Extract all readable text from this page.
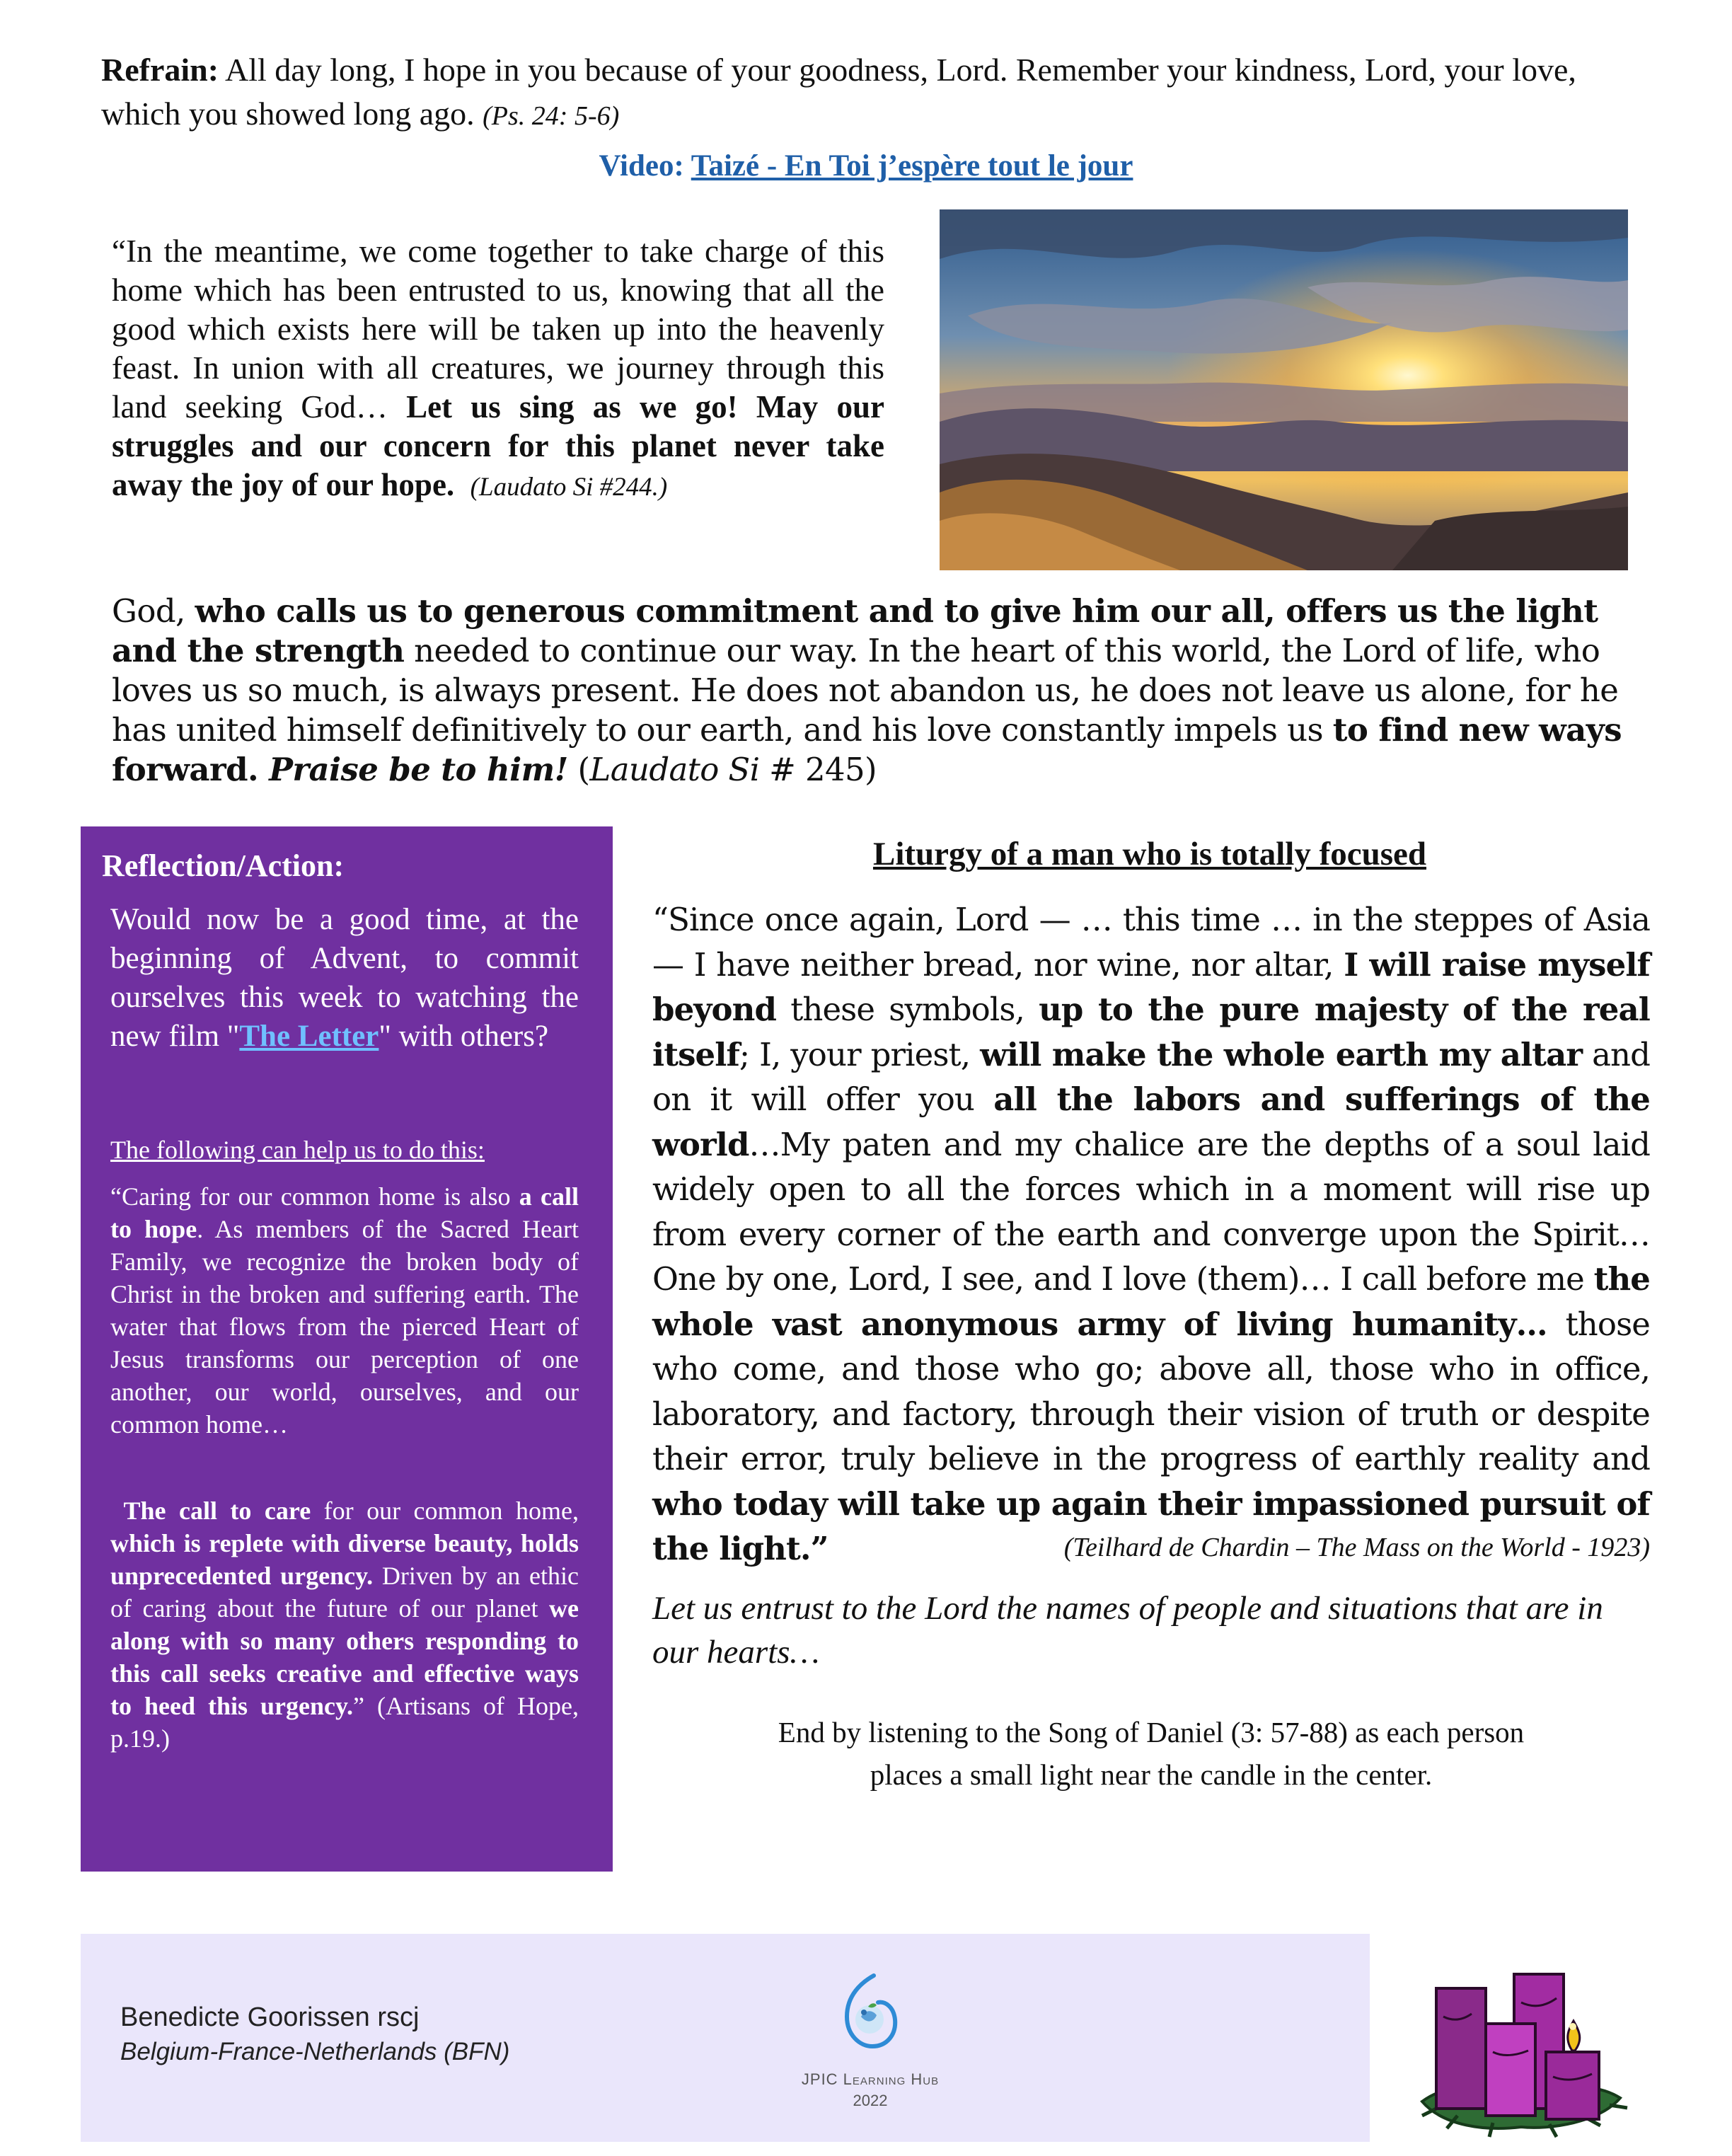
Refrain: All day long, I hope in you because of your goodness, Lord. Remember your kindness, Lord, your love, which you showed long ago. (Ps. 24: 5-6)
Video: Taizé - En Toi j’espère tout le jour
“In the meantime, we come together to take charge of this home which has been entrusted to us, knowing that all the good which exists here will be taken up into the heavenly feast. In union with all creatures, we journey through this land seeking God… Let us sing as we go! May our struggles and our concern for this planet never take away the joy of our hope. (Laudato Si #244.)
God, who calls us to generous commitment and to give him our all, offers us the light and the strength needed to continue our way. In the heart of this world, the Lord of life, who loves us so much, is always present. He does not abandon us, he does not leave us alone, for he has united himself definitively to our earth, and his love constantly impels us to find new ways forward. Praise be to him! (Laudato Si # 245)
Reflection/Action:
Would now be a good time, at the beginning of Advent, to commit ourselves this week to watching the new film "The Letter" with others?
The following can help us to do this:
“Caring for our common home is also a call to hope. As members of the Sacred Heart Family, we recognize the broken body of Christ in the broken and suffering earth. The water that flows from the pierced Heart of Jesus transforms our perception of one another, our world, ourselves, and our common home…
The call to care for our common home, which is replete with diverse beauty, holds unprecedented urgency. Driven by an ethic of caring about the future of our planet we along with so many others responding to this call seeks creative and effective ways to heed this urgency.” (Artisans of Hope, p.19.)
Liturgy of a man who is totally focused
“Since once again, Lord — … this time … in the steppes of Asia — I have neither bread, nor wine, nor altar, I will raise myself beyond these symbols, up to the pure majesty of the real itself; I, your priest, will make the whole earth my altar and on it will offer you all the labors and sufferings of the world…My paten and my chalice are the depths of a soul laid widely open to all the forces which in a moment will rise up from every corner of the earth and converge upon the Spirit… One by one, Lord, I see, and I love (them)… I call before me the whole vast anonymous army of living humanity… those who come, and those who go; above all, those who in office, laboratory, and factory, through their vision of truth or despite their error, truly believe in the progress of earthly reality and who today will take up again their impassioned pursuit of the light.”	(Teilhard de Chardin – The Mass on the World - 1923)
Let us entrust to the Lord the names of people and situations that are in our hearts…
End by listening to the Song of Daniel (3: 57-88) as each person
places a small light near the candle in the center.
Benedicte Goorissen rscj
Belgium-France-Netherlands (BFN)
JPIC Learning Hub
2022
